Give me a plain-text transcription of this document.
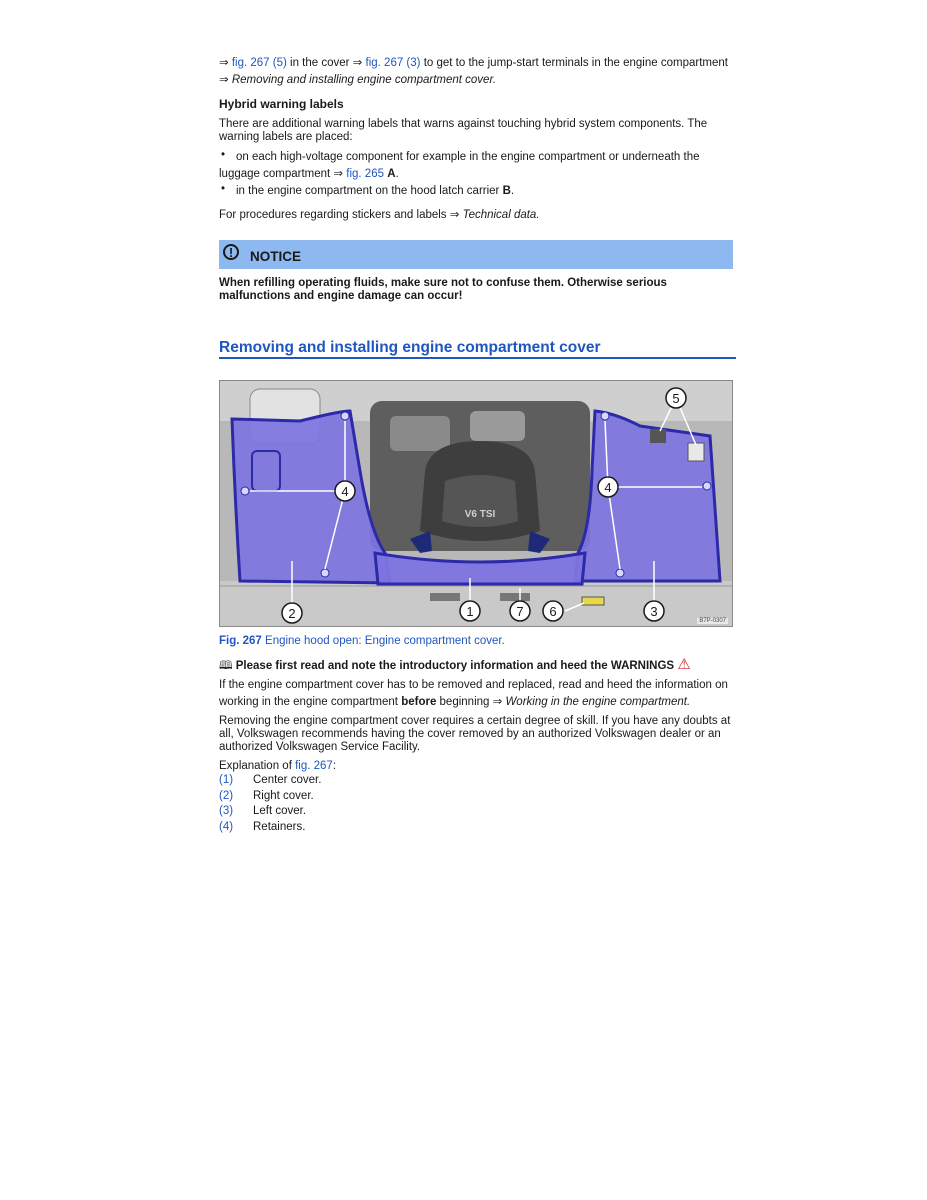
⇒ fig. 267 (5) in the cover ⇒ fig. 267 (3) to get to the jump-start terminals in the engine compartment
⇒ Removing and installing engine compartment cover.
Hybrid warning labels
There are additional warning labels that warns against touching hybrid system components. The
warning labels are placed:
• on each high-voltage component for example in the engine compartment or underneath the
luggage compartment ⇒ fig. 265 A.
• in the engine compartment on the hood latch carrier B.
For procedures regarding stickers and labels ⇒ Technical data.
!	NOTICE
When refilling operating fluids, make sure not to confuse them. Otherwise serious
malfunctions and engine damage can occur!
Removing and installing engine compartment cover
V6 TSI
4	4
5
2	1	7	6	3
B7P-0307
Fig. 267 Engine hood open: Engine compartment cover.
🕮 Please first read and note the introductory information and heed the WARNINGS ⚠
If the engine compartment cover has to be removed and replaced, read and heed the information on
working in the engine compartment before beginning ⇒ Working in the engine compartment.
Removing the engine compartment cover requires a certain degree of skill. If you have any doubts at
all, Volkswagen recommends having the cover removed by an authorized Volkswagen dealer or an
authorized Volkswagen Service Facility.
Explanation of fig. 267:
(1) Center cover.
(2) Right cover.
(3) Left cover.
(4) Retainers.
